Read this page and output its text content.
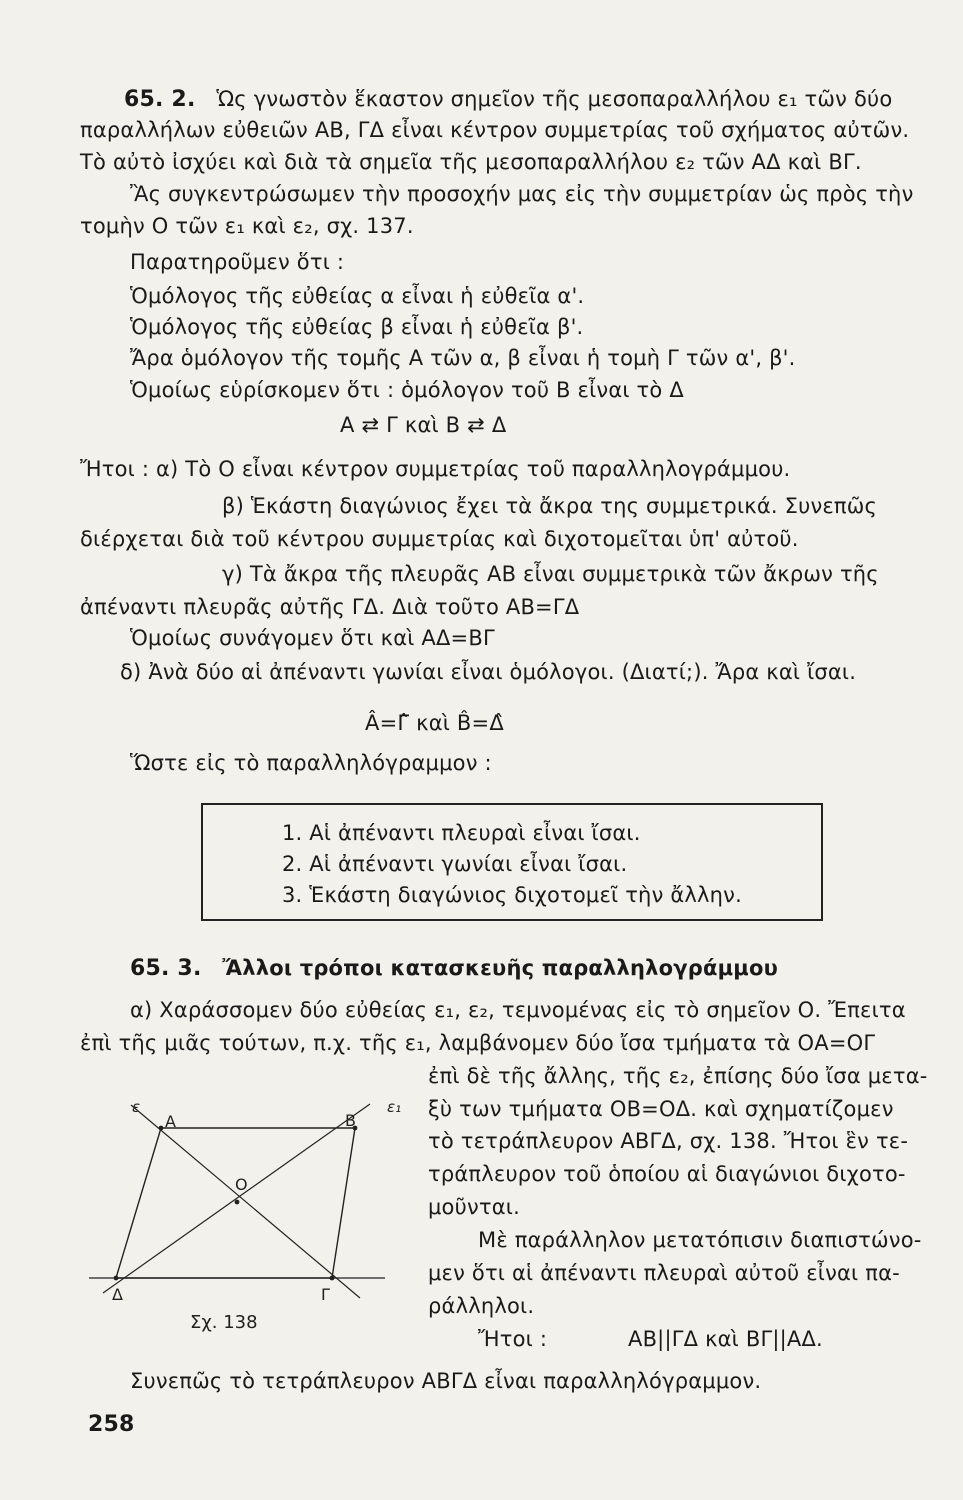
65. 2. Ὡς γνωστὸν ἕκαστον σημεῖον τῆς μεσοπαραλλήλου ε₁ τῶν δύο
παραλλήλων εὐθειῶν ΑΒ, ΓΔ εἶναι κέντρον συμμετρίας τοῦ σχήματος αὐτῶν.
Τὸ αὐτὸ ἰσχύει καὶ διὰ τὰ σημεῖα τῆς μεσοπαραλλήλου ε₂ τῶν ΑΔ καὶ ΒΓ.
Ἂς συγκεντρώσωμεν τὴν προσοχήν μας εἰς τὴν συμμετρίαν ὡς πρὸς τὴν
τομὴν Ο τῶν ε₁ καὶ ε₂, σχ. 137.
Παρατηροῦμεν ὅτι :
Ὁμόλογος τῆς εὐθείας α εἶναι ἡ εὐθεῖα α'.
Ὁμόλογος τῆς εὐθείας β εἶναι ἡ εὐθεῖα β'.
Ἄρα ὁμόλογον τῆς τομῆς Α τῶν α, β εἶναι ἡ τομὴ Γ τῶν α', β'.
Ὁμοίως εὑρίσκομεν ὅτι : ὁμόλογον τοῦ Β εἶναι τὸ Δ
Α ⇄ Γ καὶ Β ⇄ Δ
Ἤτοι : α) Τὸ Ο εἶναι κέντρον συμμετρίας τοῦ παραλληλογράμμου.
β) Ἑκάστη διαγώνιος ἔχει τὰ ἄκρα της συμμετρικά. Συνεπῶς
διέρχεται διὰ τοῦ κέντρου συμμετρίας καὶ διχοτομεῖται ὑπ' αὐτοῦ.
γ) Τὰ ἄκρα τῆς πλευρᾶς ΑΒ εἶναι συμμετρικὰ τῶν ἄκρων τῆς
ἀπέναντι πλευρᾶς αὐτῆς ΓΔ. Διὰ τοῦτο ΑΒ=ΓΔ
Ὁμοίως συνάγομεν ὅτι καὶ ΑΔ=ΒΓ
δ) Ἀνὰ δύο αἱ ἀπέναντι γωνίαι εἶναι ὁμόλογοι. (Διατί;). Ἄρα καὶ ἴσαι.
Â=Γ̂ καὶ B̂=Δ̂
Ὥστε εἰς τὸ παραλληλόγραμμον :
1. Αἱ ἀπέναντι πλευραὶ εἶναι ἴσαι.
2. Αἱ ἀπέναντι γωνίαι εἶναι ἴσαι.
3. Ἑκάστη διαγώνιος διχοτομεῖ τὴν ἄλλην.
65. 3. Ἄλλοι τρόποι κατασκευῆς παραλληλογράμμου
α) Χαράσσομεν δύο εὐθείας ε₁, ε₂, τεμνομένας εἰς τὸ σημεῖον Ο. Ἔπειτα
ἐπὶ τῆς μιᾶς τούτων, π.χ. τῆς ε₁, λαμβάνομεν δύο ἴσα τμήματα τὰ ΟΑ=ΟΓ
ἐπὶ δὲ τῆς ἄλλης, τῆς ε₂, ἐπίσης δύο ἴσα μετα-
ξὺ των τμήματα ΟΒ=ΟΔ. καὶ σχηματίζομεν
τὸ τετράπλευρον ΑΒΓΔ, σχ. 138. Ἤτοι ἓν τε-
τράπλευρον τοῦ ὁποίου αἱ διαγώνιοι διχοτο-
μοῦνται.
Μὲ παράλληλον μετατόπισιν διαπιστώνο-
μεν ὅτι αἱ ἀπέναντι πλευραὶ αὐτοῦ εἶναι πα-
ράλληλοι.
Ἤτοι :	ΑΒ||ΓΔ καὶ ΒΓ||ΑΔ.
Συνεπῶς τὸ τετράπλευρον ΑΒΓΔ εἶναι παραλληλόγραμμον.
ε	ε₁
A	B
O
Δ	Γ
Σχ. 138
258
